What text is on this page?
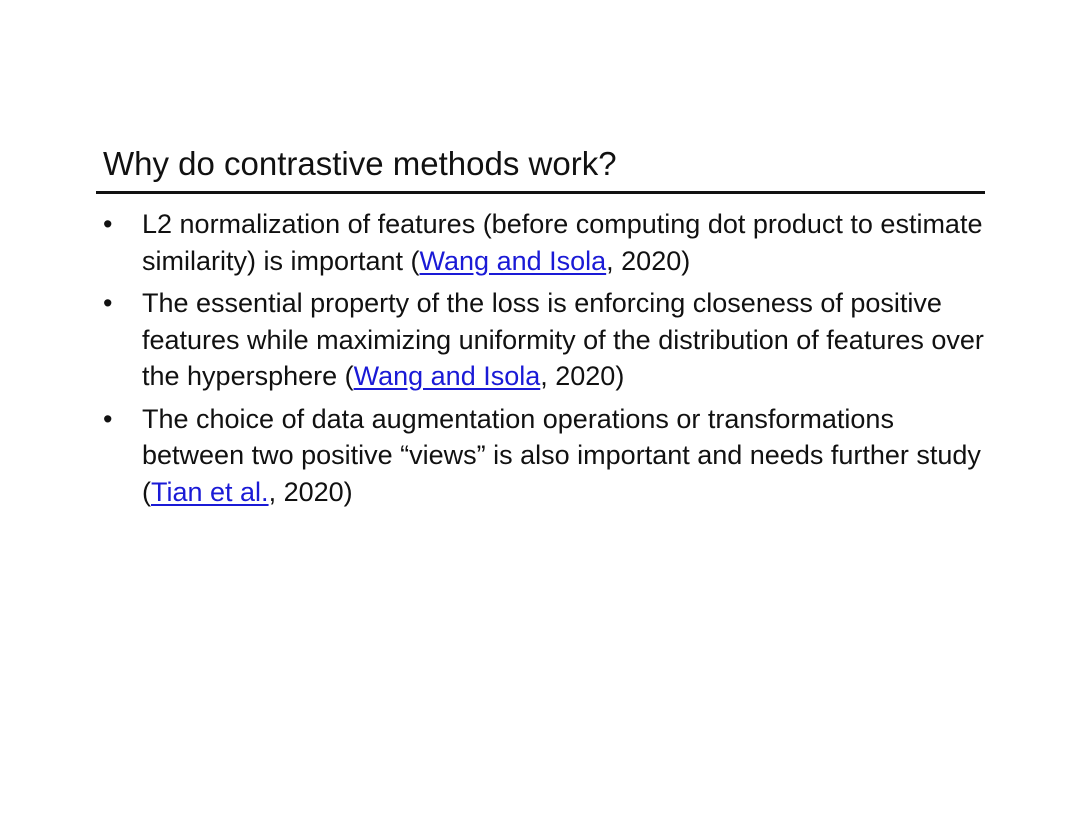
Why do contrastive methods work?
• L2 normalization of features (before computing dot product to estimate similarity) is important (Wang and Isola, 2020)
• The essential property of the loss is enforcing closeness of positive features while maximizing uniformity of the distribution of features over the hypersphere (Wang and Isola, 2020)
• The choice of data augmentation operations or transformations between two positive “views” is also important and needs further study (Tian et al., 2020)
